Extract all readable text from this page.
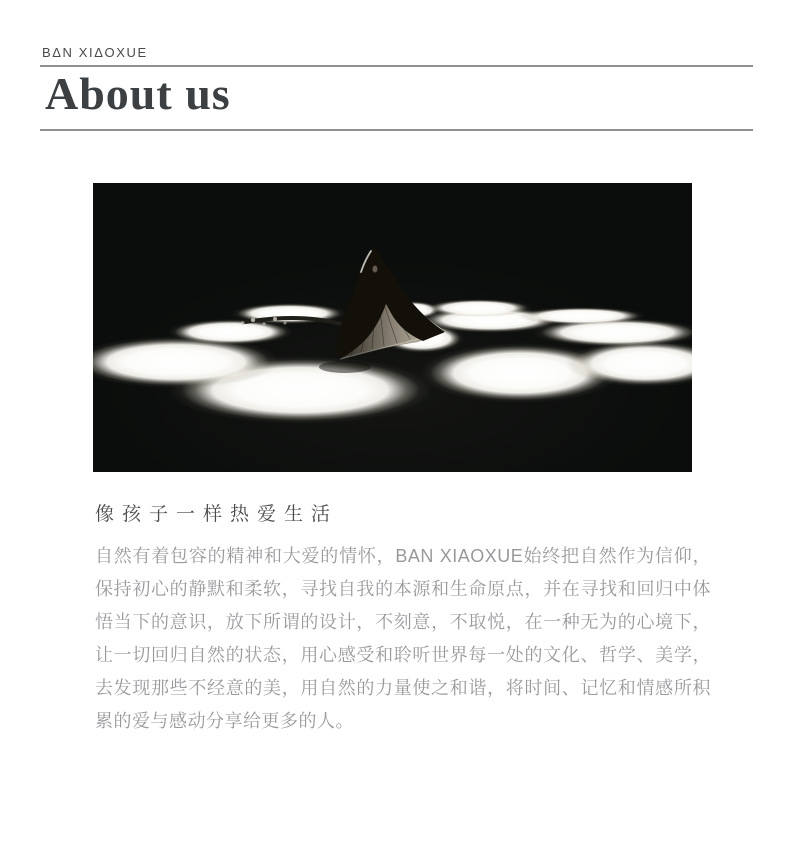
BΔN XIΔOXUE
About us
像孩子一样热爱生活

自然有着包容的精神和大爱的情怀，BAN XIAOXUE始终把自然作为信仰，保持初心的静默和柔软，寻找自我的本源和生命原点，并在寻找和回归中体悟当下的意识，放下所谓的设计，不刻意，不取悦，在一种无为的心境下，让一切回归自然的状态，用心感受和聆听世界每一处的文化、哲学、美学，去发现那些不经意的美，用自然的力量使之和谐，将时间、记忆和情感所积累的爱与感动分享给更多的人。
